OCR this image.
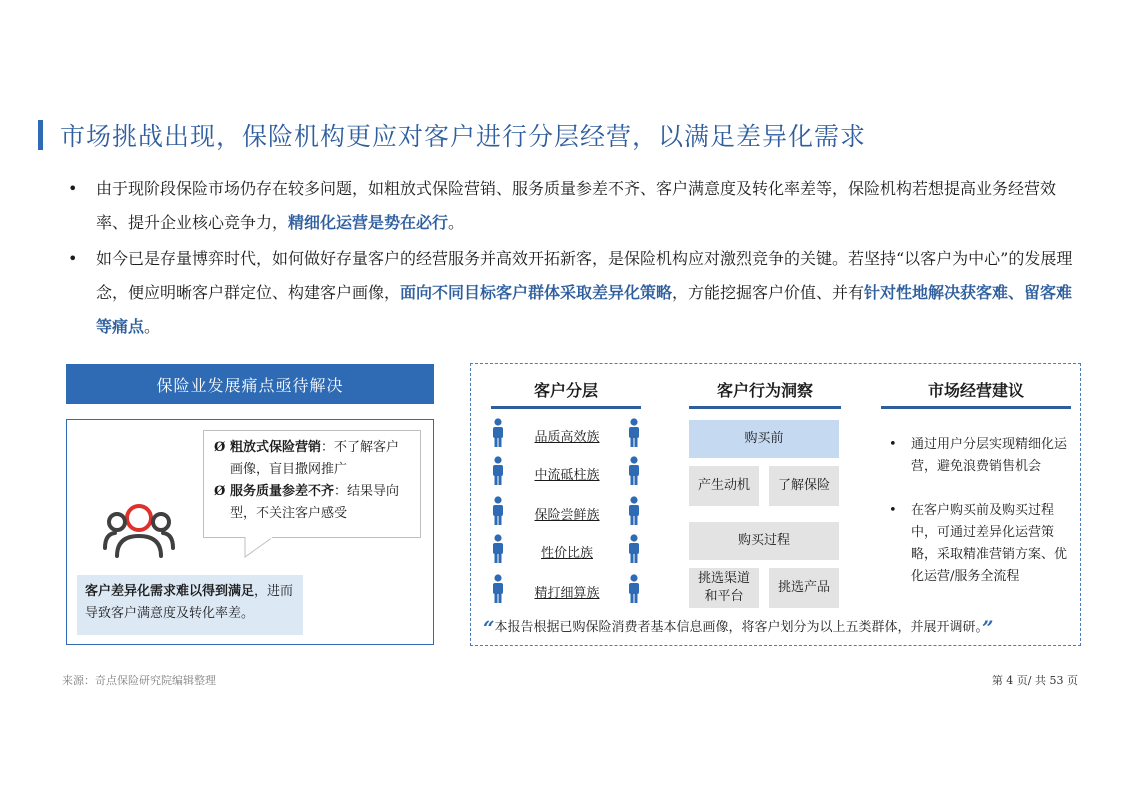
市场挑战出现，保险机构更应对客户进行分层经营，以满足差异化需求
•	由于现阶段保险市场仍存在较多问题，如粗放式保险营销、服务质量参差不齐、客户满意度及转化率差等，保险机构若想提高业务经营效率、提升企业核心竞争力，精细化运营是势在必行。
•	如今已是存量博弈时代，如何做好存量客户的经营服务并高效开拓新客，是保险机构应对激烈竞争的关键。若坚持“以客户为中心”的发展理念，便应明晰客户群定位、构建客户画像，面向不同目标客户群体采取差异化策略，方能挖掘客户价值、并有针对性地解决获客难、留客难等痛点。
保险业发展痛点亟待解决
Ø 粗放式保险营销：不了解客户画像，盲目撒网推广
Ø 服务质量参差不齐：结果导向型，不关注客户感受
客户差异化需求难以得到满足，进而导致客户满意度及转化率差。
客户分层	客户行为洞察	市场经营建议
品质高效族
中流砥柱族
保险尝鲜族
性价比族
精打细算族
购买前
产生动机	了解保险
购买过程
挑选渠道和平台
挑选产品
•	通过用户分层实现精细化运营，避免浪费销售机会
•	在客户购买前及购买过程中，可通过差异化运营策略，采取精准营销方案、优化运营/服务全流程
“本报告根据已购保险消费者基本信息画像，将客户划分为以上五类群体，并展开调研。”
来源：奇点保险研究院编辑整理	第 4 页/ 共 53 页
